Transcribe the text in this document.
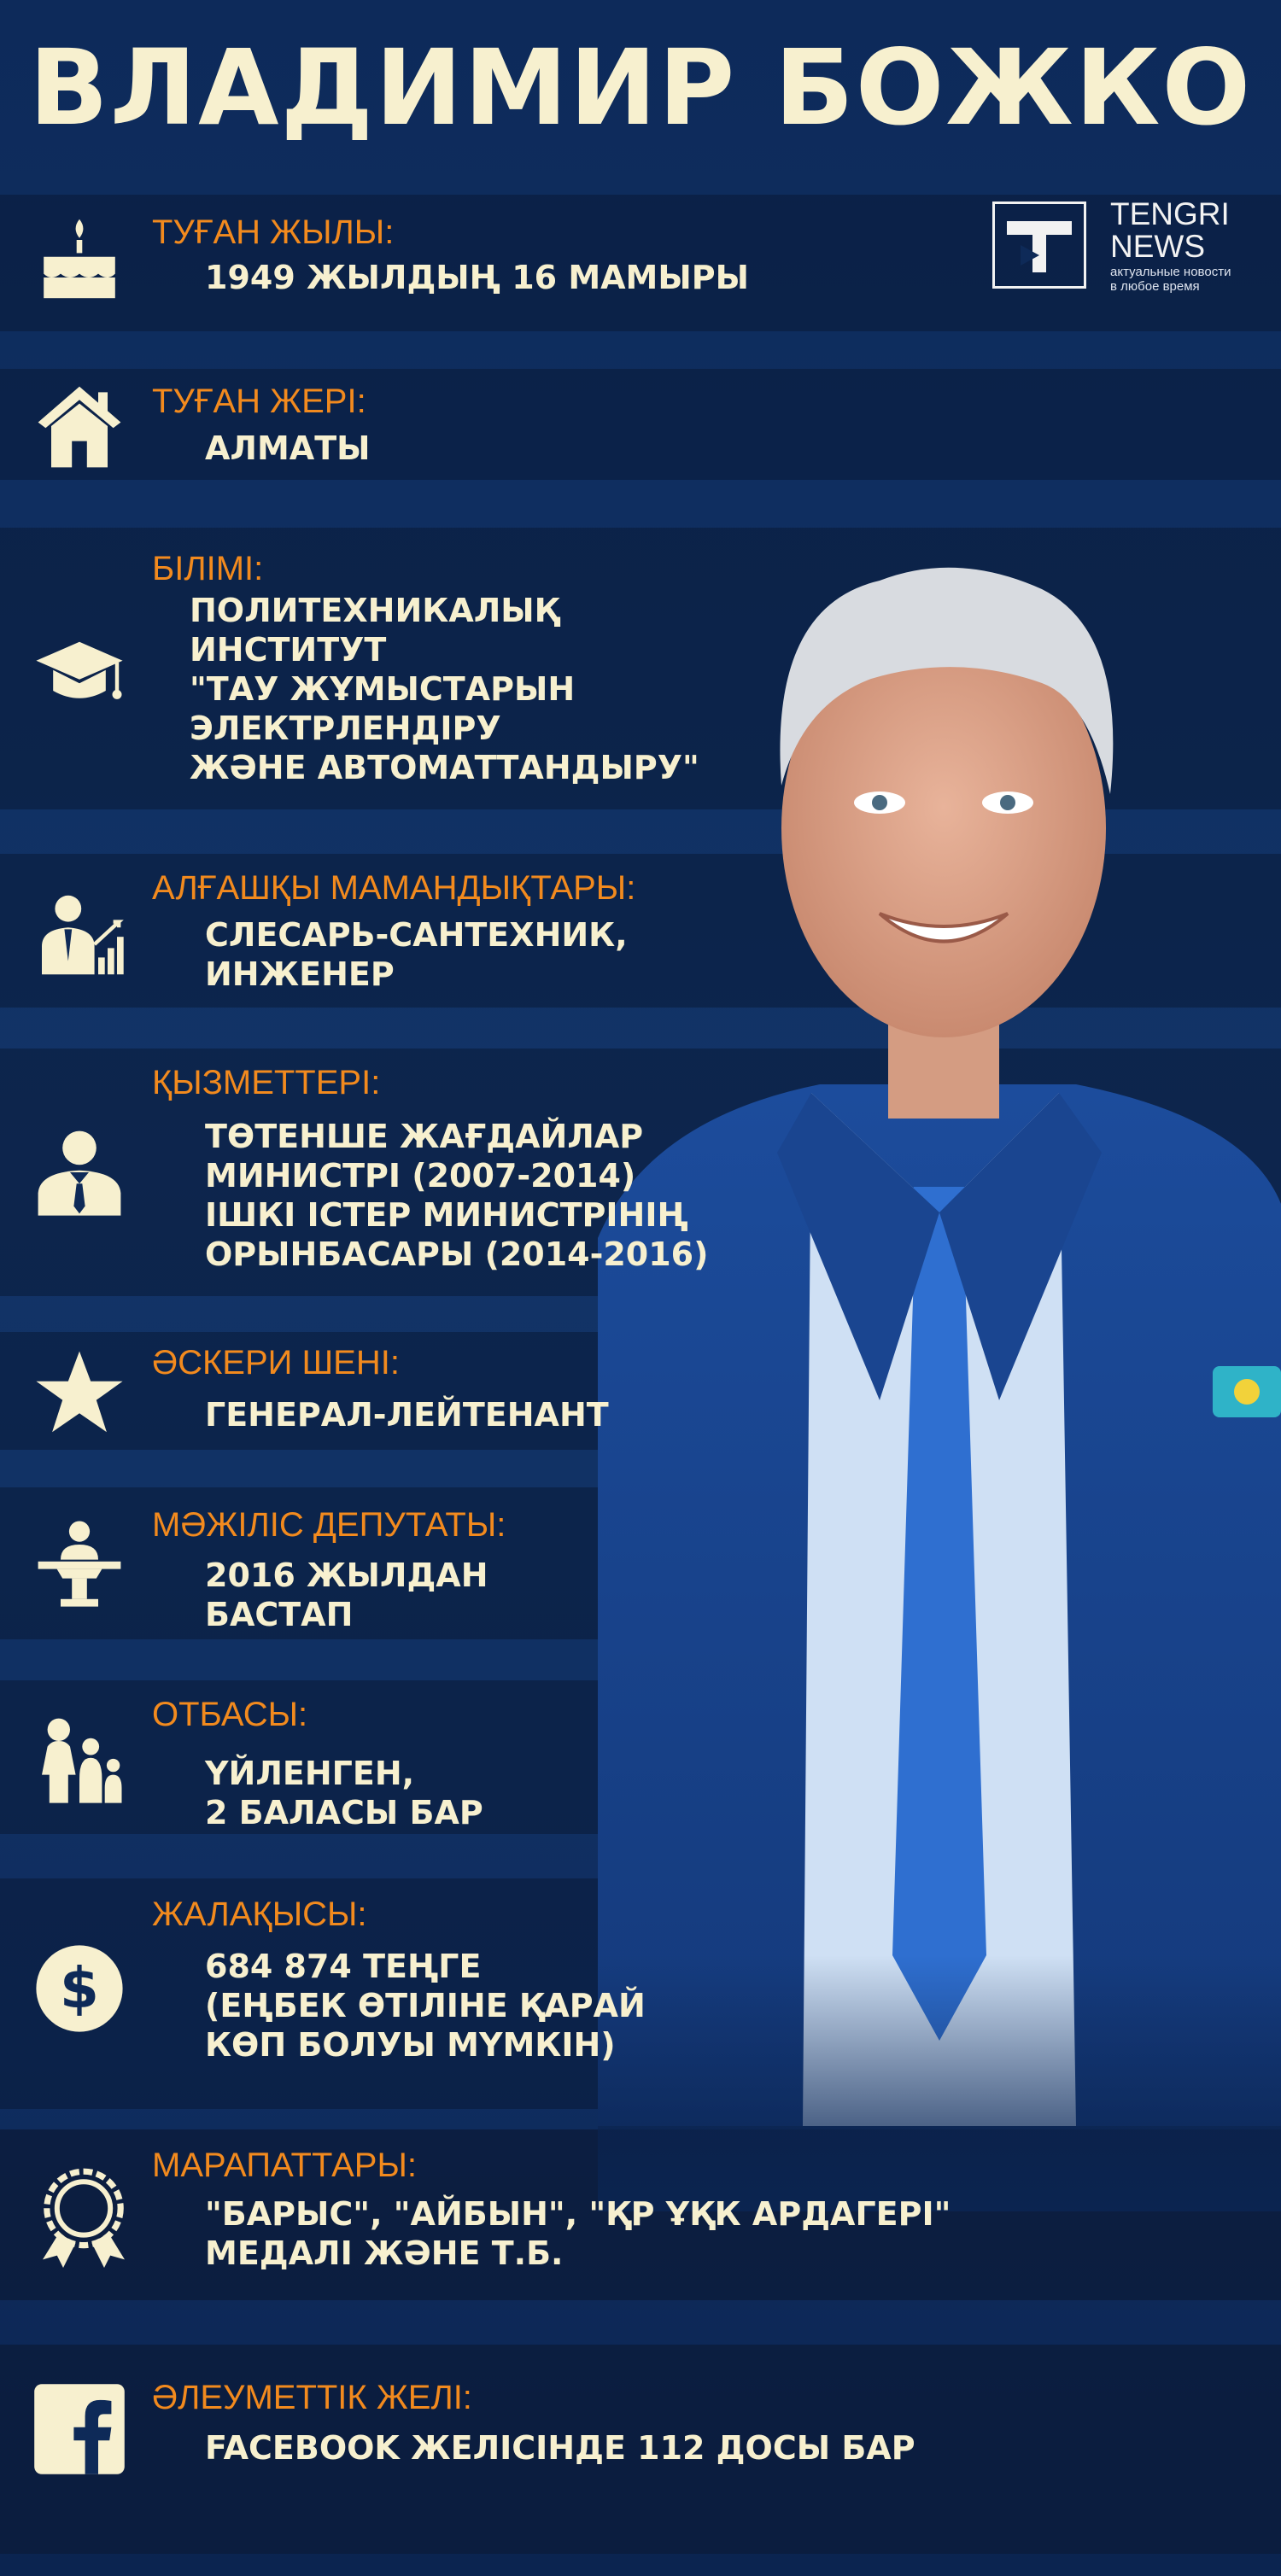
ВЛАДИМИР БОЖКО
TENGRI
NEWS
актуальные новости
в любое время
ТУҒАН ЖЫЛЫ:
1949 ЖЫЛДЫҢ 16 МАМЫРЫ
ТУҒАН ЖЕРІ:
АЛМАТЫ
БІЛІМІ:
ПОЛИТЕХНИКАЛЫҚ
ИНСТИТУТ
"ТАУ ЖҰМЫСТАРЫН
ЭЛЕКТРЛЕНДІРУ
ЖӘНЕ АВТОМАТТАНДЫРУ"
АЛҒАШҚЫ МАМАНДЫҚТАРЫ:
СЛЕСАРЬ-САНТЕХНИК,
ИНЖЕНЕР
ҚЫЗМЕТТЕРІ:
ТӨТЕНШЕ ЖАҒДАЙЛАР
МИНИСТРІ (2007-2014)
ІШКІ ІСТЕР МИНИСТРІНІҢ
ОРЫНБАСАРЫ (2014-2016)
ӘСКЕРИ ШЕНІ:
ГЕНЕРАЛ-ЛЕЙТЕНАНТ
МӘЖІЛІС ДЕПУТАТЫ:
2016 ЖЫЛДАН
БАСТАП
ОТБАСЫ:
ҮЙЛЕНГЕН,
2 БАЛАСЫ БАР
$
ЖАЛАҚЫСЫ:
684 874 ТЕҢГЕ
(ЕҢБЕК ӨТІЛІНЕ ҚАРАЙ
КӨП БОЛУЫ МҮМКІН)
МАРАПАТТАРЫ:
"БАРЫС", "АЙБЫН", "ҚР ҰҚК АРДАГЕРІ"
МЕДАЛІ ЖӘНЕ Т.Б.
ӘЛЕУМЕТТІК ЖЕЛІ:
FACEBOOK ЖЕЛІСІНДЕ 112 ДОСЫ БАР
